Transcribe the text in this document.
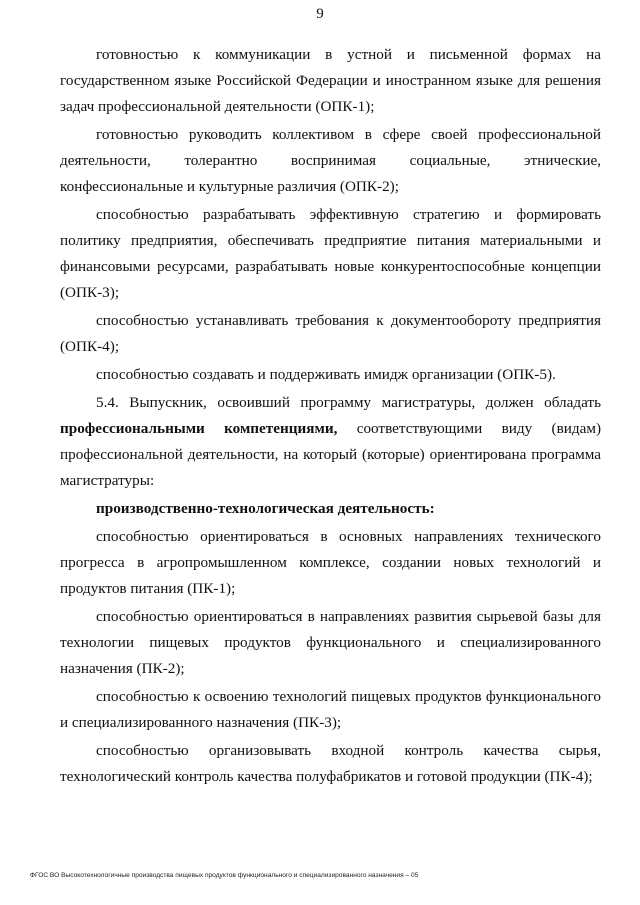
9

готовностью к коммуникации в устной и письменной формах на государственном языке Российской Федерации и иностранном языке для решения задач профессиональной деятельности (ОПК-1);

готовностью руководить коллективом в сфере своей профессиональной деятельности, толерантно воспринимая социальные, этнические, конфессиональные и культурные различия (ОПК-2);

способностью разрабатывать эффективную стратегию и формировать политику предприятия, обеспечивать предприятие питания материальными и финансовыми ресурсами, разрабатывать новые конкурентоспособные концепции (ОПК-3);

способностью устанавливать требования к документообороту предприятия (ОПК-4);

способностью создавать и поддерживать имидж организации (ОПК-5).

5.4. Выпускник, освоивший программу магистратуры, должен обладать профессиональными компетенциями, соответствующими виду (видам) профессиональной деятельности, на который (которые) ориентирована программа магистратуры:

производственно-технологическая деятельность:

способностью ориентироваться в основных направлениях технического прогресса в агропромышленном комплексе, создании новых технологий и продуктов питания (ПК-1);

способностью ориентироваться в направлениях развития сырьевой базы для технологии пищевых продуктов функционального и специализированного назначения (ПК-2);

способностью к освоению технологий пищевых продуктов функционального и специализированного назначения (ПК-3);

способностью организовывать входной контроль качества сырья, технологический контроль качества полуфабрикатов и готовой продукции (ПК-4);

ФГОС ВО Высокотехнологичные производства пищевых продуктов функционального и специализированного назначения – 05
